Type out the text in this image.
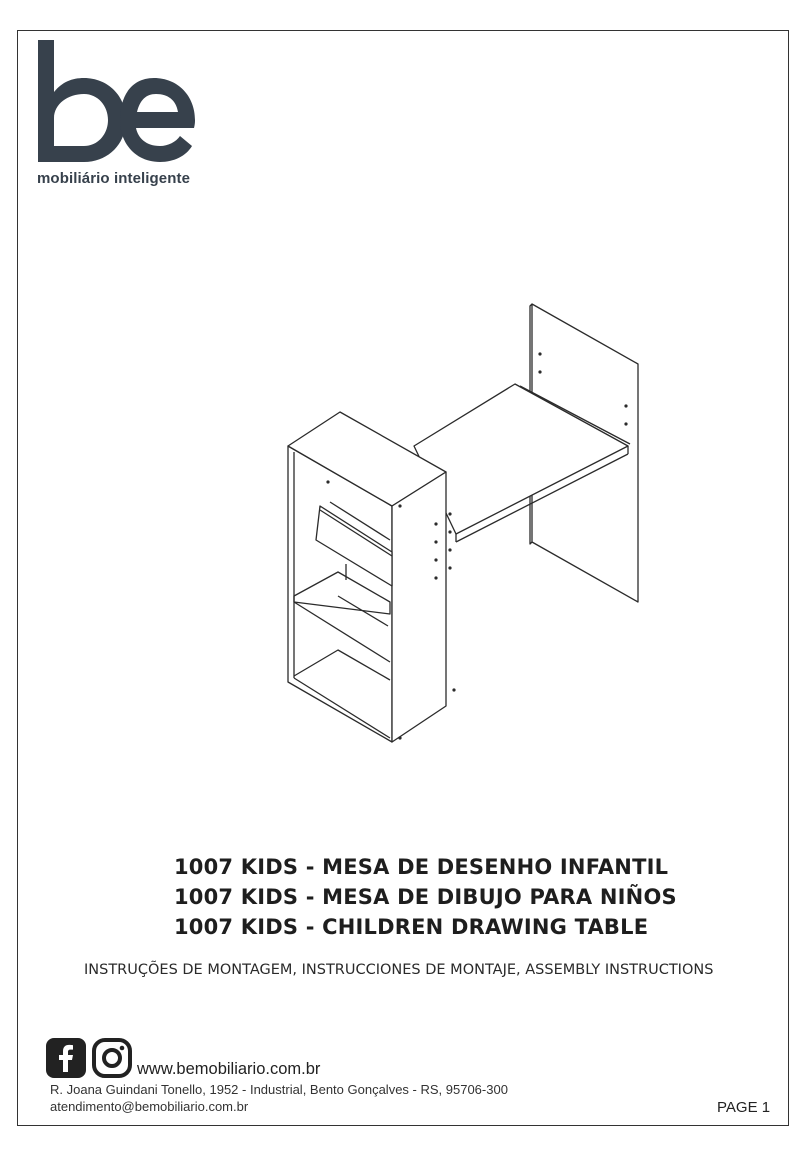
mobiliário inteligente
1007 KIDS - MESA DE DESENHO INFANTIL
1007 KIDS - MESA DE DIBUJO PARA NIÑOS
1007 KIDS - CHILDREN DRAWING TABLE
INSTRUÇÕES DE MONTAGEM, INSTRUCCIONES DE MONTAJE, ASSEMBLY INSTRUCTIONS
www.bemobiliario.com.br
R. Joana Guindani Tonello, 1952 - Industrial, Bento Gonçalves - RS, 95706-300
atendimento@bemobiliario.com.br	PAGE 1
